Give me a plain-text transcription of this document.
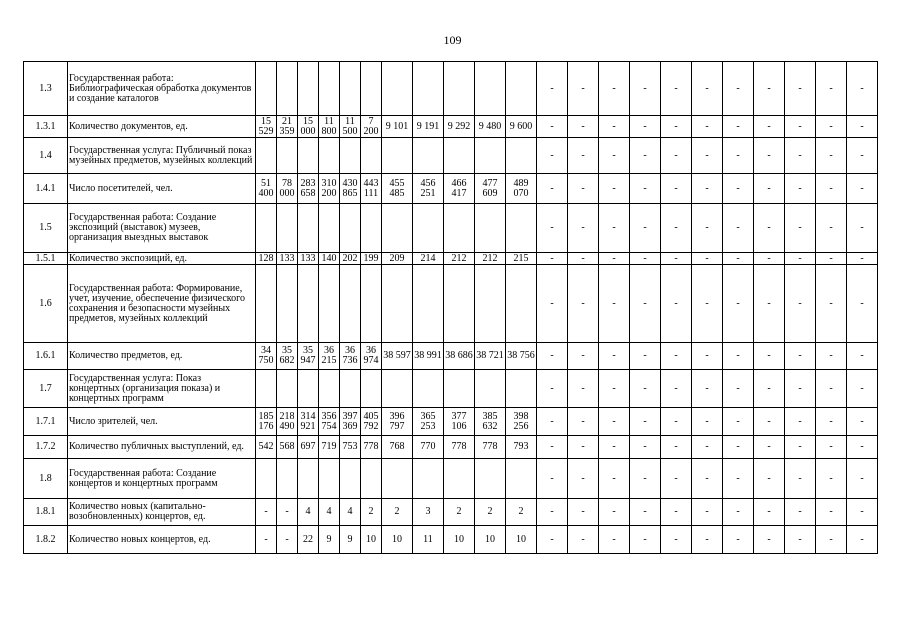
109
1.3	Государственная работа: Библиографическая обработка документов и создание каталогов												-	-	-	-	-	-	-	-	-	-	-
1.3.1	Количество документов, ед.	15 529	21 359	15 000	11 800	11 500	7 200	9 101	9 191	9 292	9 480	9 600	-	-	-	-	-	-	-	-	-	-	-
1.4	Государственная услуга: Публичный показ музейных предметов, музейных коллекций												-	-	-	-	-	-	-	-	-	-	-
1.4.1	Число посетителей, чел.	51 400	78 000	283 658	310 200	430 865	443 111	455 485	456 251	466 417	477 609	489 070	-	-	-	-	-	-	-	-	-	-	-
1.5	Государственная работа: Создание экспозиций (выставок) музеев, организация выездных выставок												-	-	-	-	-	-	-	-	-	-	-
1.5.1	Количество экспозиций, ед.	128	133	133	140	202	199	209	214	212	212	215	-	-	-	-	-	-	-	-	-	-	-
1.6	Государственная работа: Формирование, учет, изучение, обеспечение физического сохранения и безопасности музейных предметов, музейных коллекций												-	-	-	-	-	-	-	-	-	-	-
1.6.1	Количество предметов, ед.	34 750	35 682	35 947	36 215	36 736	36 974	38 597	38 991	38 686	38 721	38 756	-	-	-	-	-	-	-	-	-	-	-
1.7	Государственная услуга: Показ концертных (организация показа) и концертных программ												-	-	-	-	-	-	-	-	-	-	-
1.7.1	Число зрителей, чел.	185 176	218 490	314 921	356 754	397 369	405 792	396 797	365 253	377 106	385 632	398 256	-	-	-	-	-	-	-	-	-	-	-
1.7.2	Количество публичных выступлений, ед.	542	568	697	719	753	778	768	770	778	778	793	-	-	-	-	-	-	-	-	-	-	-
1.8	Государственная работа: Создание концертов и концертных программ												-	-	-	-	-	-	-	-	-	-	-
1.8.1	Количество новых (капитально-возобновленных) концертов, ед.	-	-	4	4	4	2	2	3	2	2	2	-	-	-	-	-	-	-	-	-	-	-
1.8.2	Количество новых концертов, ед.	-	-	22	9	9	10	10	11	10	10	10	-	-	-	-	-	-	-	-	-	-	-
